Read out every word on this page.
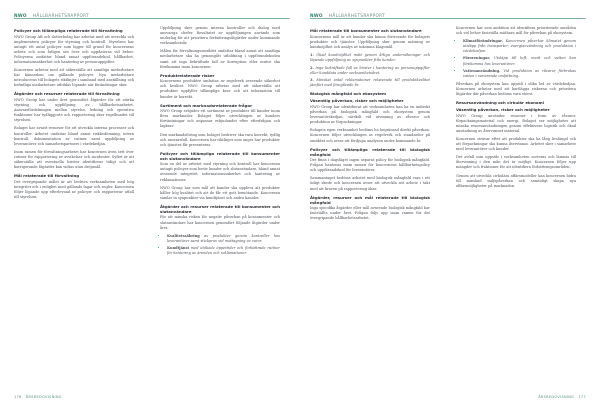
NWO HÅLLBARHETSRAPPORT
Policyer och tillämpliga relaterade till förvaltning

NWO Group AB och dotterbolag har arbetat med att utveckla och implementera policyer för styrning och kontroll. Styrelsen har antagit ett antal policyer som ligger till grund för koncernens arbete och som årligen ses över och uppdateras vid behov. Policyerna omfattar bland annat uppförandekod, hållbarhet, informationssäkerhet och hantering av personuppgifter.

Koncernen arbetar med att säkerställa att samtliga medarbetare har kännedom om gällande policyer. Nya medarbetare introduceras till bolagets riktlinjer i samband med anställning och befintliga medarbetare utbildas löpande när förändringar sker.

Åtgärder och resurser relaterade till förvaltning

NWO Group har under året genomfört åtgärder för att stärka styrning och uppföljning av hållbarhetsarbetet. Ansvarsfördelningen mellan styrelse, ledning och operativa funktioner har tydliggjorts och rapportering sker regelbundet till styrelsen.

Bolaget har avsatt resurser för att utveckla interna processer och kontroller. Arbetet omfattar bland annat riskbedömning, intern kontroll, dokumentation av rutiner samt uppföljning av leverantörer och samarbetspartners i värdekedjan.

Inom ramen för förvaltningsarbetet har koncernen även sett över rutiner för rapportering av avvikelser och incidenter. Syftet är att säkerställa att eventuella brister identifieras tidigt och att korrigerande åtgärder kan vidtas utan dröjsmål.

Mål relaterade till förvaltning

Det övergripande målet är att bedriva verksamheten med hög integritet och i enlighet med gällande lagar och regler. Koncernen följer löpande upp efterlevnad av policyer och rapporterar utfall till styrelsen.

Uppföljning sker genom interna kontroller och dialog med ansvariga chefer. Resultatet av uppföljningen används som underlag för att prioritera förbättringsåtgärder under kommande verksamhetsår.

Målen för förvaltningsområdet omfattar bland annat att samtliga medarbetare ska ha genomgått utbildning i uppförandekoden samt att inga bekräftade fall av korruption eller mutor ska förekomma inom koncernen.

Produktrelaterade risker

Koncernens produkter omfattas av regelverk avseende säkerhet och kvalitet. NWO Group arbetar med att säkerställa att produkter uppfyller tillämpliga krav och att information till kunder är korrekt.

Sortiment och marknadsrelaterade frågor

NWO Group erbjuder ett sortiment av produkter till kunder inom flera marknader. Bolaget följer utvecklingen av kunders förväntningar och anpassar erbjudandet efter efterfrågan och lagkrav.

Den marknadsföring som bolaget bedriver ska vara korrekt, tydlig och ansvarsfull. Koncernen har riktlinjer som anger hur produkter och tjänster får presenteras.

Policyer och tillämpliga relaterade till konsumenter och slutanvändare

Som en del av arbetet med styrning och kontroll har koncernen antagit policyer som berör kunder och slutanvändare, bland annat avseende integritet, informationssäkerhet och hantering av reklamationer.

NWO Group har som mål att kunder ska uppleva att produkter håller hög kvalitet och att de får ett gott bemötande. Koncernen samlar in synpunkter via kundtjänst och andra kanaler.

Åtgärder och resurser relaterade till konsumenter och slutanvändare

För att minska risken för negativ påverkan på konsumenter och slutanvändare har koncernen genomfört följande åtgärder under året:

• Kvalitetssäkring av produkter genom kontroller hos leverantörer samt stickprov vid mottagning av varor.
• Kundtjänst med utökade öppettider och förbättrade rutiner för hantering av ärenden och reklamationer.
176 ÅRSREDOVISNING
NWO HÅLLBARHETSRAPPORT
Mål relaterade till konsumenter och slutanvändare

Koncernens mål är att kunder ska känna förtroende för bolagets produkter och tjänster. Uppföljning sker genom mätning av kundnöjdhet och analys av inkomna klagomål.

1. Ökad kundnöjdhet mätt genom årliga undersökningar och löpande uppföljning av synpunkter från kunder.
2. Inga bekräftade fall av brister i hantering av personuppgifter eller kunddata under verksamhetsåret.
3. Minskat antal reklamationer relaterade till produktkvalitet jämfört med föregående år.
Biologisk mångfald och ekosystem
Väsentlig påverkan, risker och möjligheter

NWO Group har identifierat att verksamheten kan ha en indirekt påverkan på biologisk mångfald och ekosystem genom leverantörskedjan, särskilt vid utvinning av råvaror och produktion av förpackningar.

Bolagets egen verksamhet bedöms ha begränsad direkt påverkan. Koncernen följer utvecklingen av regelverk och standarder på området och avser att fördjupa analysen under kommande år.

Policyer och tillämpliga relaterade till biologisk mångfald

Det finns i dagsläget ingen separat policy för biologisk mångfald. Frågan hanteras inom ramen för koncernens hållbarhetspolicy och uppförandekod för leverantörer.

Sammantaget bedöms arbetet med biologisk mångfald vara i ett tidigt skede och koncernen avser att utveckla sitt arbete i takt med att kraven på rapportering ökar.

Åtgärder, resurser och mål relaterade till biologisk mångfald

Inga specifika åtgärder eller mål avseende biologisk mångfald har fastställts under året. Frågan följs upp inom ramen för det övergripande hållbarhetsarbetet.

Koncernen har som ambition att identifiera prioriterade områden och vid behov fastställa mätbara mål för påverkan på ekosystem.

• Klimatförändringar. Koncernen påverkar klimatet genom utsläpp från transporter, energianvändning och produktion i värdekedjan.
• Föroreningar. Utsläpp till luft, mark och vatten kan förekomma hos leverantörer.
• Vattenanvändning. Vid produktion av råvaror förbrukas vatten i varierande omfattning.

Påverkan på ekosystem kan uppstå i olika led av värdekedjan. Koncernen arbetar med att kartlägga riskerna och prioritera åtgärder där påverkan bedöms vara störst.

Resursanvändning och cirkulär ekonomi
Väsentlig påverkan, risker och möjligheter

NWO Group använder resurser i form av råvaror, förpackningsmaterial och energi. Bolaget ser möjligheter att minska resursanvändningen genom effektivare logistik och ökad användning av återvunnet material.

Koncernen strävar efter att produkter ska ha lång livslängd och att förpackningar ska kunna återvinnas. Arbetet sker i samarbete med leverantörer och kunder.

Det avfall som uppstår i verksamheten sorteras och lämnas till återvinning i den mån det är möjligt. Koncernen följer upp mängder och fraktioner för att identifiera förbättringsområden.

Genom att utveckla cirkulära affärsmodeller kan koncernen bidra till minskad miljöpåverkan och samtidigt skapa nya affärsmöjligheter på marknaden.

ÅRSREDOVISNING 177
